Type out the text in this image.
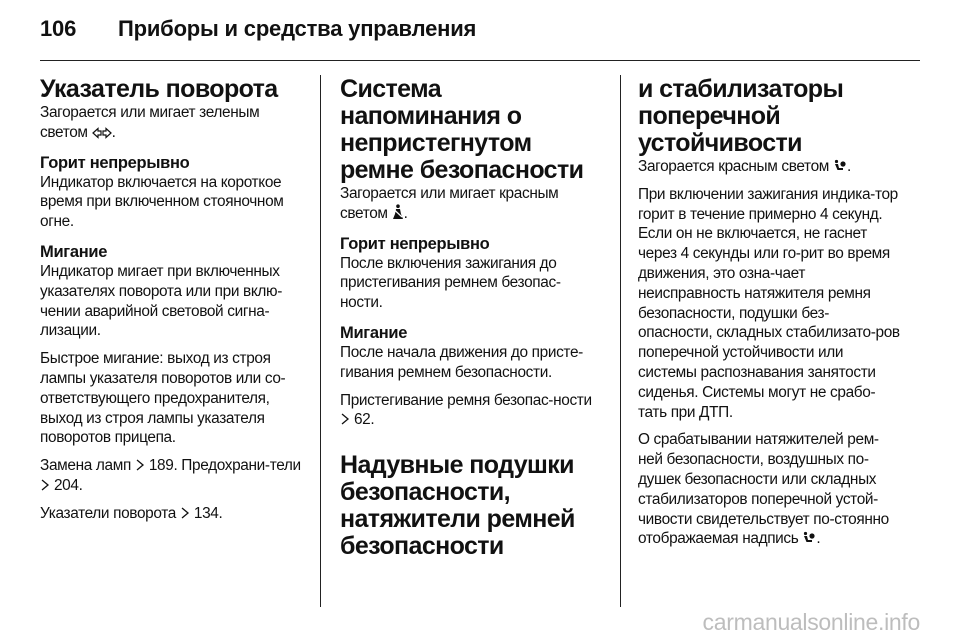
106	Приборы и средства управления
Указатель поворота

Загорается или мигает зеленым светом .

Горит непрерывно

Индикатор включается на короткое время при включенном стояночном огне.

Мигание

Индикатор мигает при включенных указателях поворота или при вклю-чении аварийной световой сигна-лизации.

Быстрое мигание: выход из строя лампы указателя поворотов или со-ответствующего предохранителя, выход из строя лампы указателя поворотов прицепа.

Замена ламп 189. Предохрани-тели  204.

Указатели поворота 134.

Система напоминания о непристегнутом ремне безопасности

Загорается или мигает красным светом .

Горит непрерывно

После включения зажигания до пристегивания ремнем безопас-ности.

Мигание

После начала движения до присте-гивания ремнем безопасности.

Пристегивание ремня безопас-ности  62.

Надувные подушки безопасности, натяжители ремней безопасности
и стабилизаторы поперечной устойчивости

Загорается красным светом .

При включении зажигания индика-тор горит в течение примерно 4 секунд. Если он не включается, не гаснет через 4 секунды или го-рит во время движения, это озна-чает неисправность натяжителя ремня безопасности, подушки без-опасности, складных стабилизато-ров поперечной устойчивости или системы распознавания занятости сиденья. Системы могут не срабо-тать при ДТП.

О срабатывании натяжителей рем-ней безопасности, воздушных по-душек безопасности или складных стабилизаторов поперечной устой-чивости свидетельствует по-стоянно отображаемая надпись .

carmanualsonline.info
